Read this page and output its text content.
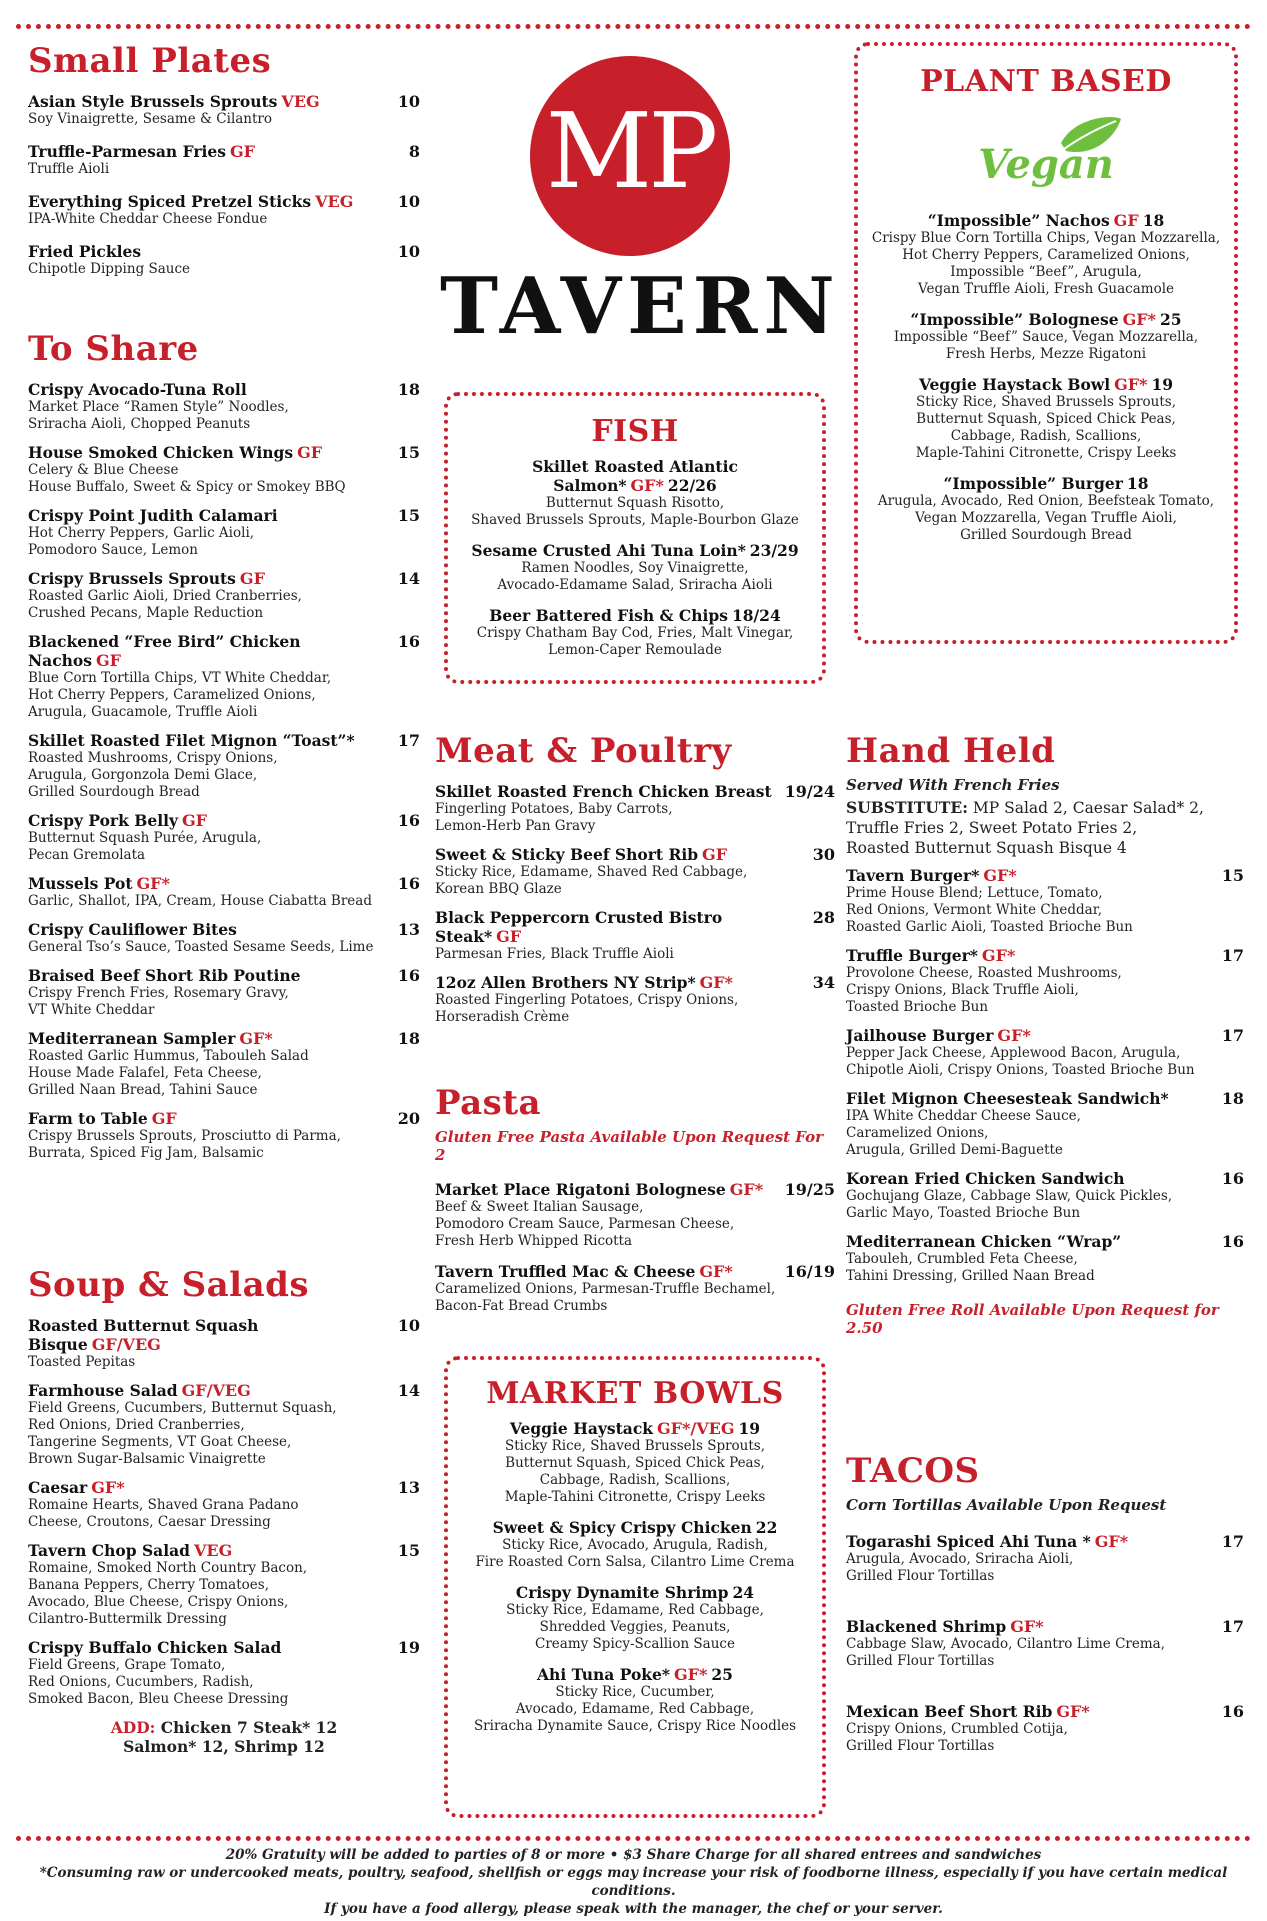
Small Plates
Asian Style Brussels Sprouts VEG	10
Soy Vinaigrette, Sesame & Cilantro
Truffle-Parmesan Fries GF	8
Truffle Aioli
Everything Spiced Pretzel Sticks VEG	10
IPA-White Cheddar Cheese Fondue
Fried Pickles	10
Chipotle Dipping Sauce
To Share
Crispy Avocado-Tuna Roll	18
Market Place “Ramen Style” Noodles,
Sriracha Aioli, Chopped Peanuts
House Smoked Chicken Wings GF	15
Celery & Blue Cheese
House Buffalo, Sweet & Spicy or Smokey BBQ
Crispy Point Judith Calamari	15
Hot Cherry Peppers, Garlic Aioli,
Pomodoro Sauce, Lemon
Crispy Brussels Sprouts GF	14
Roasted Garlic Aioli, Dried Cranberries,
Crushed Pecans, Maple Reduction
Blackened “Free Bird” Chicken Nachos GF
16
Blue Corn Tortilla Chips, VT White Cheddar,
Hot Cherry Peppers, Caramelized Onions,
Arugula, Guacamole, Truffle Aioli
Skillet Roasted Filet Mignon “Toast”*	17
Roasted Mushrooms, Crispy Onions,
Arugula, Gorgonzola Demi Glace,
Grilled Sourdough Bread
Crispy Pork Belly GF	16
Butternut Squash Purée, Arugula,
Pecan Gremolata
Mussels Pot GF*	16
Garlic, Shallot, IPA, Cream, House Ciabatta Bread
Crispy Cauliflower Bites	13
General Tso’s Sauce, Toasted Sesame Seeds, Lime
Braised Beef Short Rib Poutine	16
Crispy French Fries, Rosemary Gravy,
VT White Cheddar
Mediterranean Sampler GF*	18
Roasted Garlic Hummus, Tabouleh Salad
House Made Falafel, Feta Cheese,
Grilled Naan Bread, Tahini Sauce
Farm to Table GF	20
Crispy Brussels Sprouts, Prosciutto di Parma,
Burrata, Spiced Fig Jam, Balsamic
Soup & Salads
Roasted Butternut Squash Bisque GF/VEG
10
Toasted Pepitas
Farmhouse Salad GF/VEG	14
Field Greens, Cucumbers, Butternut Squash,
Red Onions, Dried Cranberries,
Tangerine Segments, VT Goat Cheese,
Brown Sugar-Balsamic Vinaigrette
Caesar GF*	13
Romaine Hearts, Shaved Grana Padano
Cheese, Croutons, Caesar Dressing
Tavern Chop Salad VEG	15
Romaine, Smoked North Country Bacon,
Banana Peppers, Cherry Tomatoes,
Avocado, Blue Cheese, Crispy Onions,
Cilantro-Buttermilk Dressing
Crispy Buffalo Chicken Salad	19
Field Greens, Grape Tomato,
Red Onions, Cucumbers, Radish,
Smoked Bacon, Bleu Cheese Dressing
ADD: Chicken 7 Steak* 12
Salmon* 12, Shrimp 12
MP
TAVERN
FISH
Skillet Roasted Atlantic Salmon* GF* 22/26
Butternut Squash Risotto,
Shaved Brussels Sprouts, Maple-Bourbon Glaze
Sesame Crusted Ahi Tuna Loin* 23/29
Ramen Noodles, Soy Vinaigrette,
Avocado-Edamame Salad, Sriracha Aioli
Beer Battered Fish & Chips 18/24
Crispy Chatham Bay Cod, Fries, Malt Vinegar,
Lemon-Caper Remoulade
Meat & Poultry
Skillet Roasted French Chicken Breast 19/24
Fingerling Potatoes, Baby Carrots,
Lemon-Herb Pan Gravy
Sweet & Sticky Beef Short Rib GF	30
Sticky Rice, Edamame, Shaved Red Cabbage,
Korean BBQ Glaze
Black Peppercorn Crusted Bistro Steak* GF
28
Parmesan Fries, Black Truffle Aioli
12oz Allen Brothers NY Strip* GF*	34
Roasted Fingerling Potatoes, Crispy Onions,
Horseradish Crème
Pasta
Gluten Free Pasta Available Upon Request For 2
Market Place Rigatoni Bolognese GF* 19/25
Beef & Sweet Italian Sausage,
Pomodoro Cream Sauce, Parmesan Cheese,
Fresh Herb Whipped Ricotta
Tavern Truffled Mac & Cheese GF*	16/19
Caramelized Onions, Parmesan-Truffle Bechamel,
Bacon-Fat Bread Crumbs
MARKET BOWLS
Veggie Haystack GF*/VEG 19
Sticky Rice, Shaved Brussels Sprouts,
Butternut Squash, Spiced Chick Peas,
Cabbage, Radish, Scallions,
Maple-Tahini Citronette, Crispy Leeks
Sweet & Spicy Crispy Chicken 22
Sticky Rice, Avocado, Arugula, Radish,
Fire Roasted Corn Salsa, Cilantro Lime Crema
Crispy Dynamite Shrimp 24
Sticky Rice, Edamame, Red Cabbage,
Shredded Veggies, Peanuts,
Creamy Spicy-Scallion Sauce
Ahi Tuna Poke* GF* 25
Sticky Rice, Cucumber,
Avocado, Edamame, Red Cabbage,
Sriracha Dynamite Sauce, Crispy Rice Noodles
PLANT BASED
Vegan
“Impossible” Nachos GF 18
Crispy Blue Corn Tortilla Chips, Vegan Mozzarella,
Hot Cherry Peppers, Caramelized Onions,
Impossible “Beef”, Arugula,
Vegan Truffle Aioli, Fresh Guacamole
“Impossible” Bolognese GF* 25
Impossible “Beef” Sauce, Vegan Mozzarella,
Fresh Herbs, Mezze Rigatoni
Veggie Haystack Bowl GF* 19
Sticky Rice, Shaved Brussels Sprouts,
Butternut Squash, Spiced Chick Peas,
Cabbage, Radish, Scallions,
Maple-Tahini Citronette, Crispy Leeks
“Impossible” Burger 18
Arugula, Avocado, Red Onion, Beefsteak Tomato,
Vegan Mozzarella, Vegan Truffle Aioli,
Grilled Sourdough Bread
Hand Held
Served With French Fries
SUBSTITUTE: MP Salad 2, Caesar Salad* 2,
Truffle Fries 2, Sweet Potato Fries 2,
Roasted Butternut Squash Bisque 4
Tavern Burger* GF*	15
Prime House Blend; Lettuce, Tomato,
Red Onions, Vermont White Cheddar,
Roasted Garlic Aioli, Toasted Brioche Bun
Truffle Burger* GF*	17
Provolone Cheese, Roasted Mushrooms,
Crispy Onions, Black Truffle Aioli,
Toasted Brioche Bun
Jailhouse Burger GF*	17
Pepper Jack Cheese, Applewood Bacon, Arugula,
Chipotle Aioli, Crispy Onions, Toasted Brioche Bun
Filet Mignon Cheesesteak Sandwich*	18
IPA White Cheddar Cheese Sauce,
Caramelized Onions,
Arugula, Grilled Demi-Baguette
Korean Fried Chicken Sandwich	16
Gochujang Glaze, Cabbage Slaw, Quick Pickles,
Garlic Mayo, Toasted Brioche Bun
Mediterranean Chicken “Wrap”	16
Tabouleh, Crumbled Feta Cheese,
Tahini Dressing, Grilled Naan Bread
Gluten Free Roll Available Upon Request for 2.50
TACOS
Corn Tortillas Available Upon Request
Togarashi Spiced Ahi Tuna * GF*	17
Arugula, Avocado, Sriracha Aioli,
Grilled Flour Tortillas
Blackened Shrimp GF*	17
Cabbage Slaw, Avocado, Cilantro Lime Crema,
Grilled Flour Tortillas
Mexican Beef Short Rib GF*	16
Crispy Onions, Crumbled Cotija,
Grilled Flour Tortillas
20% Gratuity will be added to parties of 8 or more • $3 Share Charge for all shared entrees and sandwiches
*Consuming raw or undercooked meats, poultry, seafood, shellfish or eggs may increase your risk of foodborne illness, especially if you have certain medical conditions.
If you have a food allergy, please speak with the manager, the chef or your server.
